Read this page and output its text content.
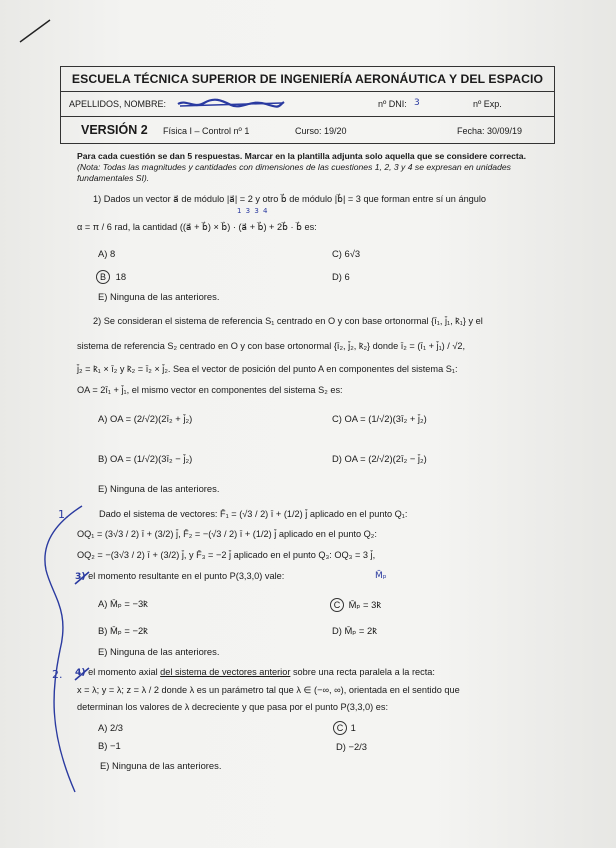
ESCUELA TÉCNICA SUPERIOR DE INGENIERÍA AERONÁUTICA Y DEL ESPACIO
APELLIDOS, NOMBRE:	nº DNI: 3	nº Exp.
VERSIÓN 2 Física I – Control nº 1	Curso: 19/20	Fecha: 30/09/19
Para cada cuestión se dan 5 respuestas. Marcar en la plantilla adjunta solo aquella que se considere correcta. (Nota: Todas las magnitudes y cantidades con dimensiones de las cuestiones 1, 2, 3 y 4 se expresan en unidades fundamentales SI).
1 3 3 4
1) Dados un vector a⃗ de módulo |a⃗| = 2 y otro b⃗ de módulo |b⃗| = 3 que forman entre sí un ángulo
α = π / 6 rad, la cantidad ((a⃗ + b⃗) × b⃗) · (a⃗ + b⃗) + 2b⃗ · b⃗ es:
A) 8	C) 6√3
B 18	D) 6
E) Ninguna de las anteriores.
2) Se consideran el sistema de referencia S₁ centrado en O y con base ortonormal {ī₁, j̄₁, k̄₁} y el
sistema de referencia S₂ centrado en O y con base ortonormal {ī₂, j̄₂, k̄₂} donde ī₂ = (ī₁ + j̄₁) / √2,
j̄₂ = k̄₁ × ī₂ y k̄₂ = ī₂ × j̄₂. Sea el vector de posición del punto A en componentes del sistema S₁:
OA = 2ī₁ + j̄₁, el mismo vector en componentes del sistema S₂ es:
A) OA = (2/√2)(2ī₂ + j̄₂)	C) OA = (1/√2)(3ī₂ + j̄₂)
B) OA = (1/√2)(3ī₂ − j̄₂)	D) OA = (2/√2)(2ī₂ − j̄₂)
E) Ninguna de las anteriores.
1.
2.
Dado el sistema de vectores: F̄₁ = (√3 / 2) ī + (1/2) j̄ aplicado en el punto Q₁:
OQ₁ = (3√3 / 2) ī + (3/2) j̄, F̄₂ = −(√3 / 2) ī + (1/2) j̄ aplicado en el punto Q₂:
OQ₂ = −(3√3 / 2) ī + (3/2) j̄, y F̄₃ = −2 j̄ aplicado en el punto Q₃: OQ₃ = 3 j̄,
3) el momento resultante en el punto P(3,3,0) vale:	M̄ₚ
A) M̄ₚ = −3k̄	C M̄ₚ = 3k̄
B) M̄ₚ = −2k̄	D) M̄ₚ = 2k̄
E) Ninguna de las anteriores.
4) el momento axial del sistema de vectores anterior sobre una recta paralela a la recta:
x = λ; y = λ; z = λ / 2 donde λ es un parámetro tal que λ ∈ (−∞, ∞), orientada en el sentido que
determinan los valores de λ decreciente y que pasa por el punto P(3,3,0) es:
A) 2/3	C 1
B) −1	D) −2/3
E) Ninguna de las anteriores.
